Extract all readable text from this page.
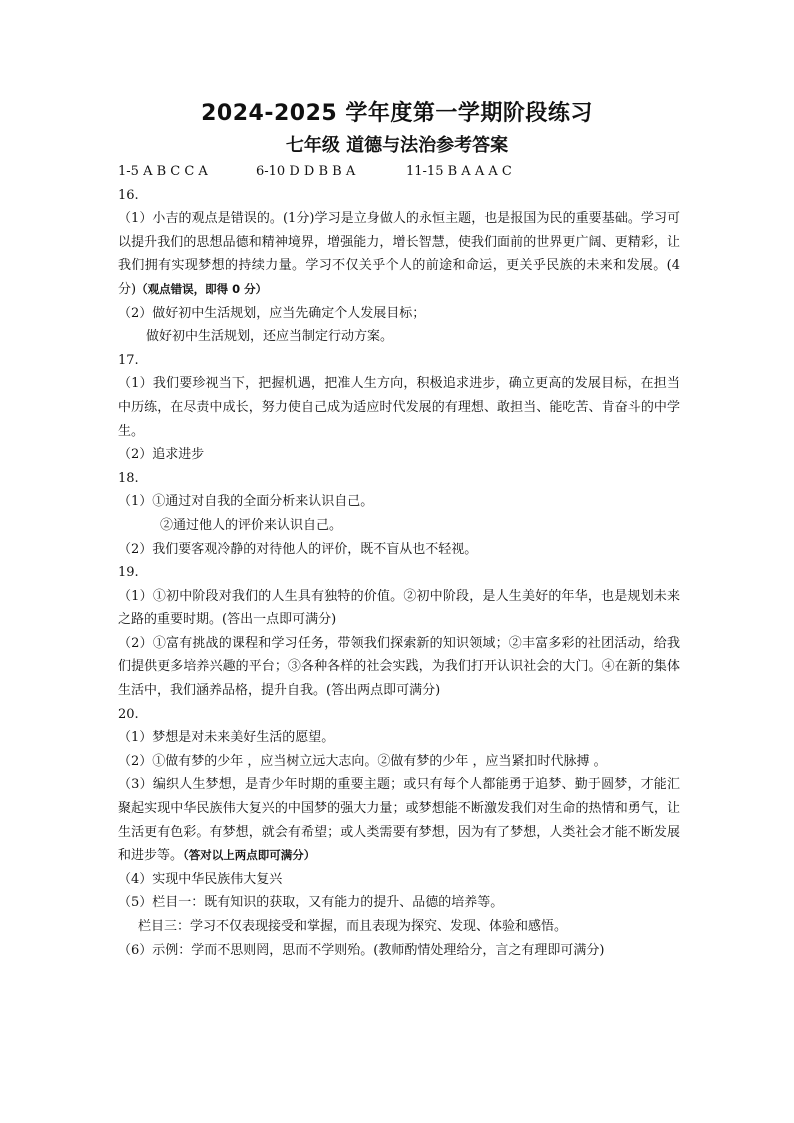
2024-2025 学年度第一学期阶段练习
七年级 道德与法治参考答案
1-5 A B C C A	6-10 D D B B A	11-15 B A A A C
16.
（1）小吉的观点是错误的。(1分)学习是立身做人的永恒主题，也是报国为民的重要基础。学习可以提升我们的思想品德和精神境界，增强能力，增长智慧，使我们面前的世界更广阔、更精彩，让我们拥有实现梦想的持续力量。学习不仅关乎个人的前途和命运，更关乎民族的未来和发展。(4 分)（观点错误，即得 0 分）
（2）做好初中生活规划，应当先确定个人发展目标；
做好初中生活规划，还应当制定行动方案。
17.
（1）我们要珍视当下，把握机遇，把准人生方向，积极追求进步，确立更高的发展目标，在担当中历练，在尽责中成长，努力使自己成为适应时代发展的有理想、敢担当、能吃苦、肯奋斗的中学生。
（2）追求进步
18.
（1）①通过对自我的全面分析来认识自己。
②通过他人的评价来认识自己。
（2）我们要客观冷静的对待他人的评价，既不盲从也不轻视。
19.
（1）①初中阶段对我们的人生具有独特的价值。②初中阶段，是人生美好的年华，也是规划未来之路的重要时期。(答出一点即可满分)
（2）①富有挑战的课程和学习任务，带领我们探索新的知识领域；②丰富多彩的社团活动，给我们提供更多培养兴趣的平台；③各种各样的社会实践，为我们打开认识社会的大门。④在新的集体生活中，我们涵养品格，提升自我。(答出两点即可满分)
20.
（1）梦想是对未来美好生活的愿望。
（2）①做有梦的少年 ，应当树立远大志向。②做有梦的少年 ，应当紧扣时代脉搏 。
（3）编织人生梦想，是青少年时期的重要主题；或只有每个人都能勇于追梦、勤于圆梦，才能汇聚起实现中华民族伟大复兴的中国梦的强大力量；或梦想能不断激发我们对生命的热情和勇气，让生活更有色彩。有梦想，就会有希望；或人类需要有梦想，因为有了梦想，人类社会才能不断发展和进步等。（答对以上两点即可满分）
（4）实现中华民族伟大复兴
（5）栏目一：既有知识的获取，又有能力的提升、品德的培养等。
栏目三：学习不仅表现接受和掌握，而且表现为探究、发现、体验和感悟。
（6）示例：学而不思则罔，思而不学则殆。(教师酌情处理给分，言之有理即可满分)
